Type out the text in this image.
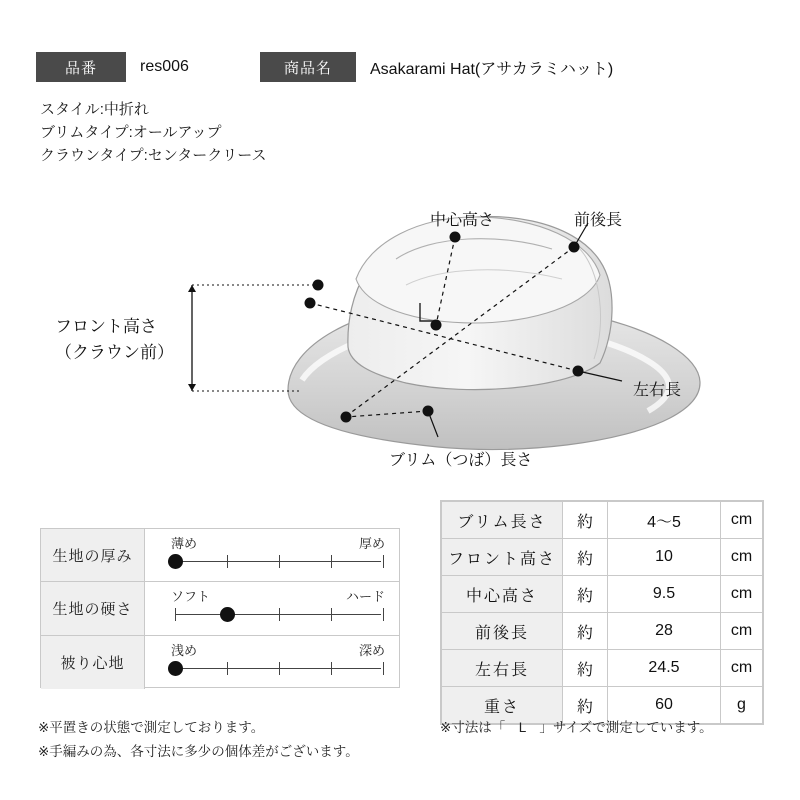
品番	res006	商品名	Asakarami Hat(アサカラミハット)
スタイル:中折れ
ブリムタイプ:オールアップ
クラウンタイプ:センタークリース
中心高さ	前後長
左右長
ブリム（つば）長さ
フロント高さ
（クラウン前）
生地の厚み
薄め	厚め
生地の硬さ
ソフト	ハード
被り心地
浅め	深め
ブリム長さ	約	4〜5	cm
フロント高さ	約	10	cm
中心高さ	約	9.5	cm
前後長	約	28	cm
左右長	約	24.5	cm
重さ	約	60	g
※平置きの状態で測定しております。
※手編みの為、各寸法に多少の個体差がございます。
※寸法は「　L　」サイズで測定しています。
